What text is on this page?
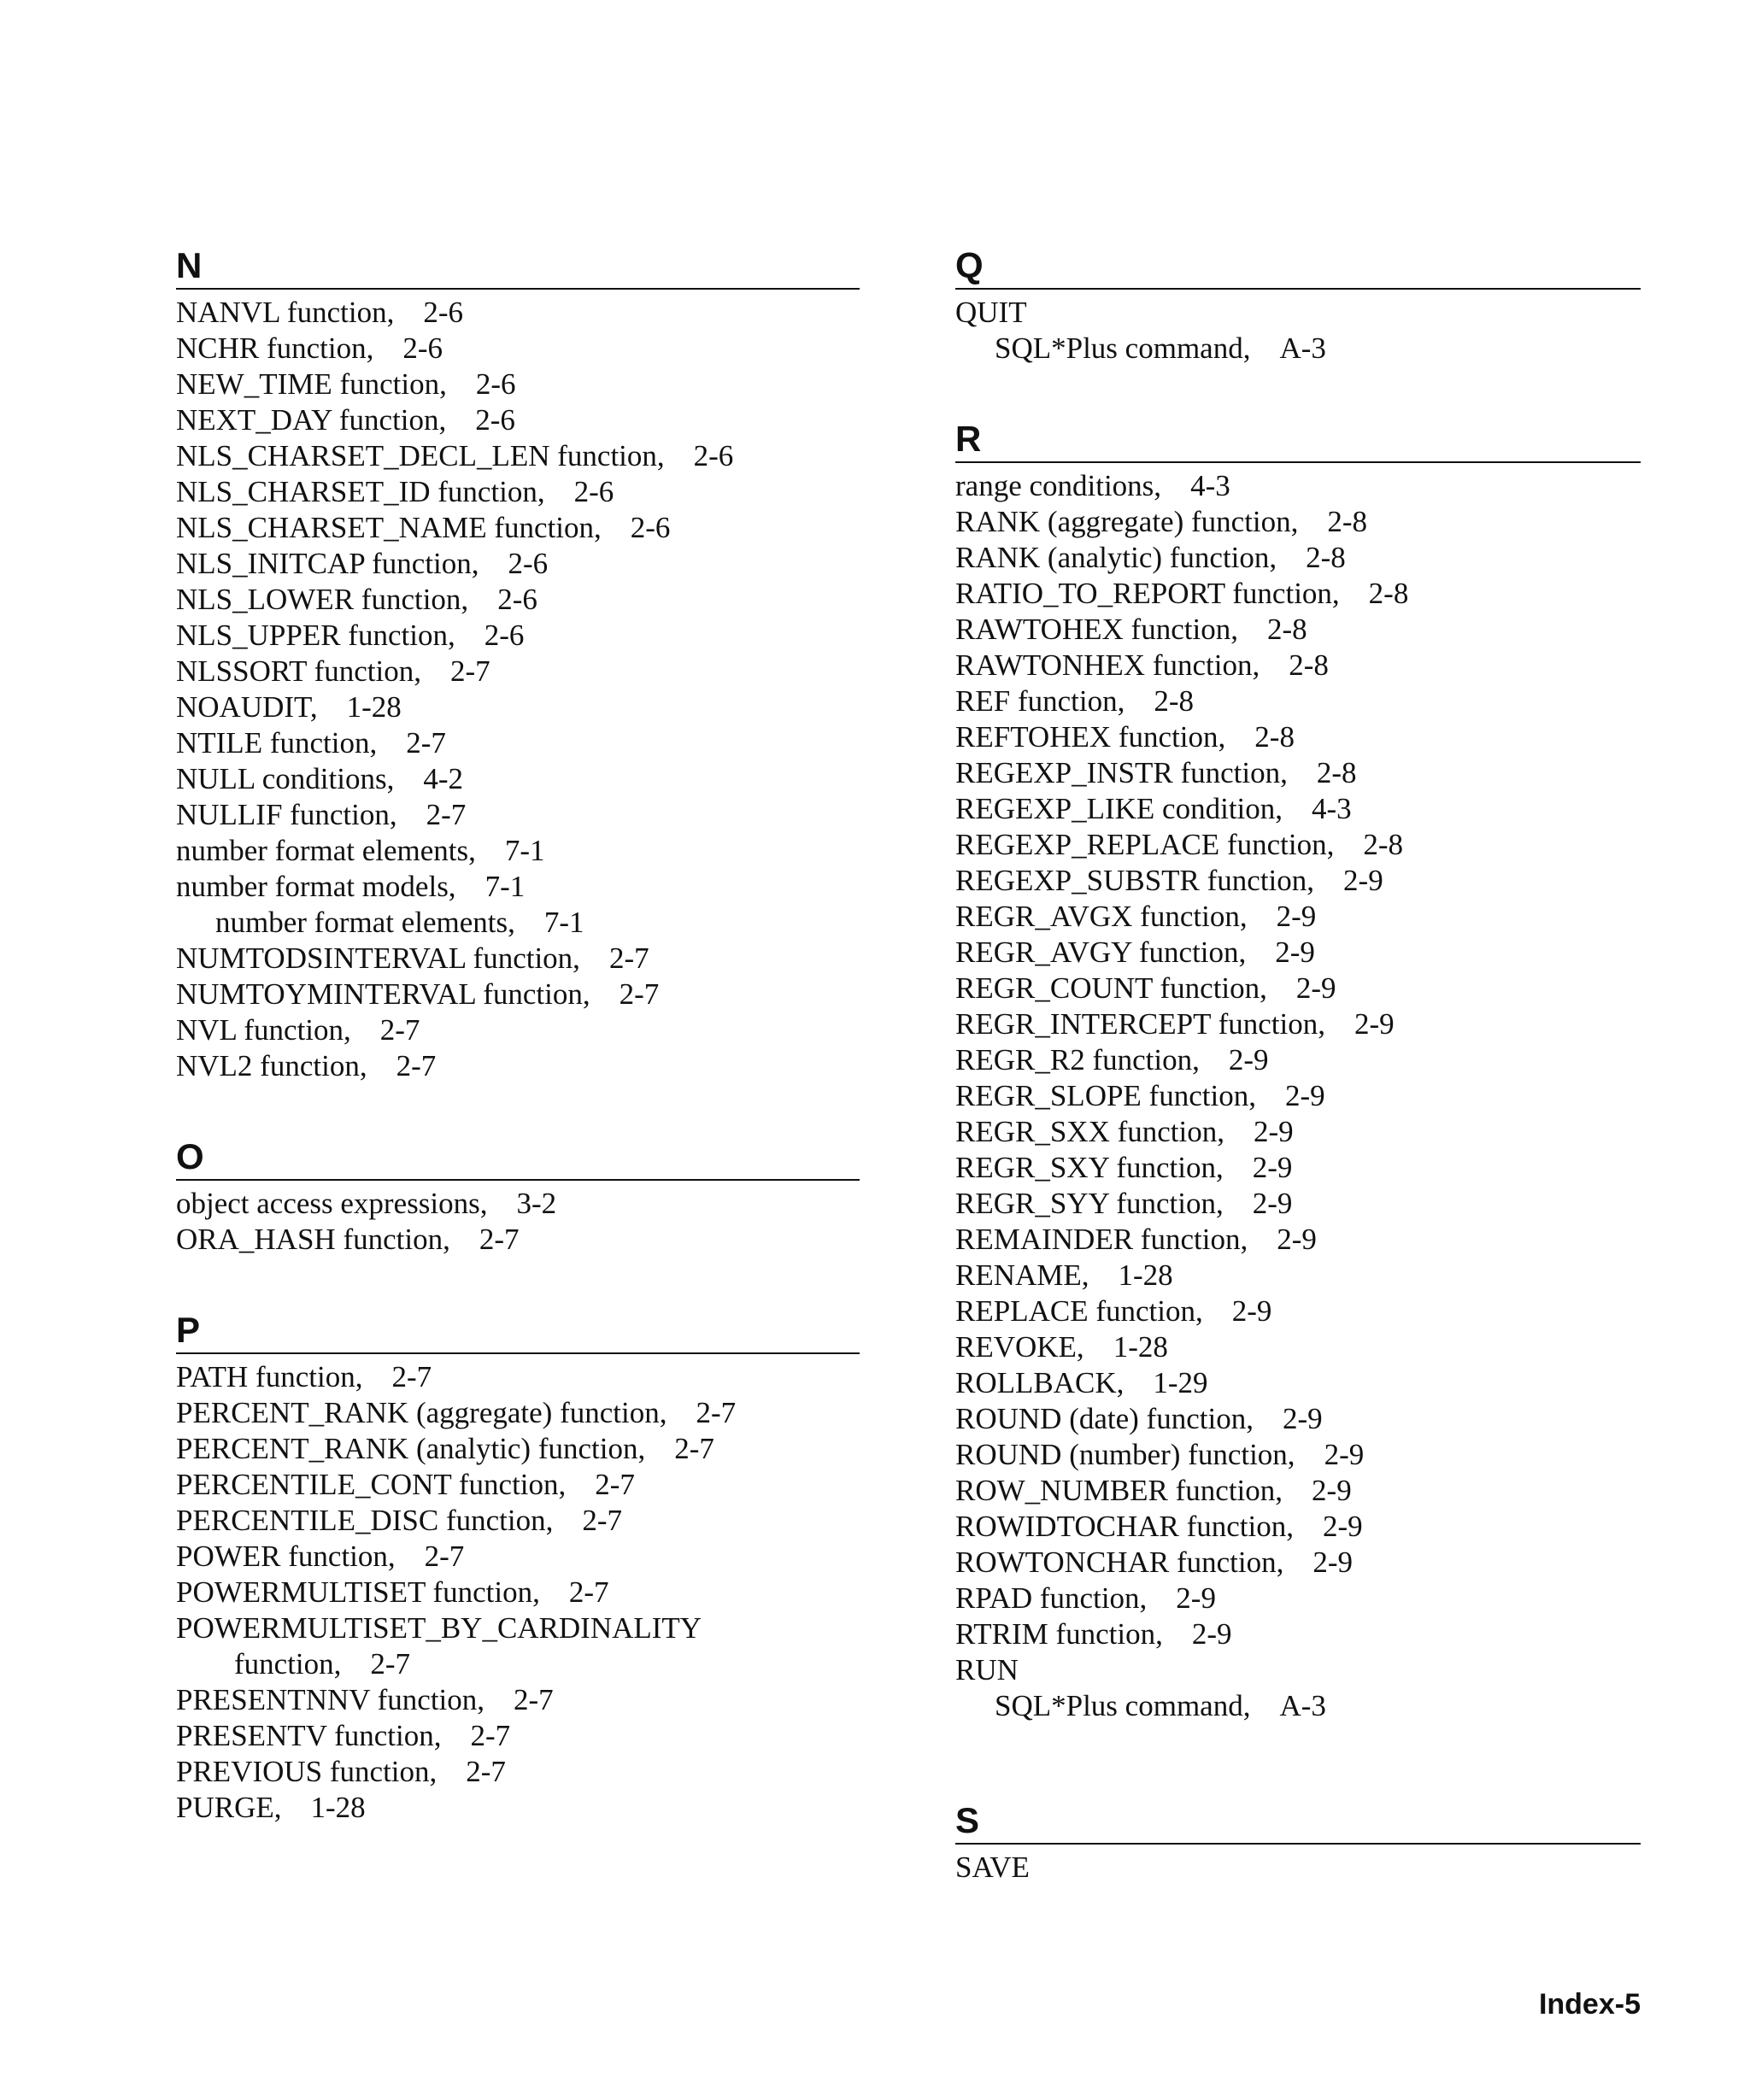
N
NANVL function, 2-6
NCHR function, 2-6
NEW_TIME function, 2-6
NEXT_DAY function, 2-6
NLS_CHARSET_DECL_LEN function, 2-6
NLS_CHARSET_ID function, 2-6
NLS_CHARSET_NAME function, 2-6
NLS_INITCAP function, 2-6
NLS_LOWER function, 2-6
NLS_UPPER function, 2-6
NLSSORT function, 2-7
NOAUDIT, 1-28
NTILE function, 2-7
NULL conditions, 4-2
NULLIF function, 2-7
number format elements, 7-1
number format models, 7-1
number format elements, 7-1
NUMTODSINTERVAL function, 2-7
NUMTOYMINTERVAL function, 2-7
NVL function, 2-7
NVL2 function, 2-7
O
object access expressions, 3-2
ORA_HASH function, 2-7
P
PATH function, 2-7
PERCENT_RANK (aggregate) function, 2-7
PERCENT_RANK (analytic) function, 2-7
PERCENTILE_CONT function, 2-7
PERCENTILE_DISC function, 2-7
POWER function, 2-7
POWERMULTISET function, 2-7
POWERMULTISET_BY_CARDINALITY
function, 2-7
PRESENTNNV function, 2-7
PRESENTV function, 2-7
PREVIOUS function, 2-7
PURGE, 1-28
Q
QUIT
SQL*Plus command, A-3
R
range conditions, 4-3
RANK (aggregate) function, 2-8
RANK (analytic) function, 2-8
RATIO_TO_REPORT function, 2-8
RAWTOHEX function, 2-8
RAWTONHEX function, 2-8
REF function, 2-8
REFTOHEX function, 2-8
REGEXP_INSTR function, 2-8
REGEXP_LIKE condition, 4-3
REGEXP_REPLACE function, 2-8
REGEXP_SUBSTR function, 2-9
REGR_AVGX function, 2-9
REGR_AVGY function, 2-9
REGR_COUNT function, 2-9
REGR_INTERCEPT function, 2-9
REGR_R2 function, 2-9
REGR_SLOPE function, 2-9
REGR_SXX function, 2-9
REGR_SXY function, 2-9
REGR_SYY function, 2-9
REMAINDER function, 2-9
RENAME, 1-28
REPLACE function, 2-9
REVOKE, 1-28
ROLLBACK, 1-29
ROUND (date) function, 2-9
ROUND (number) function, 2-9
ROW_NUMBER function, 2-9
ROWIDTOCHAR function, 2-9
ROWTONCHAR function, 2-9
RPAD function, 2-9
RTRIM function, 2-9
RUN
SQL*Plus command, A-3
S
SAVE
Index-5
